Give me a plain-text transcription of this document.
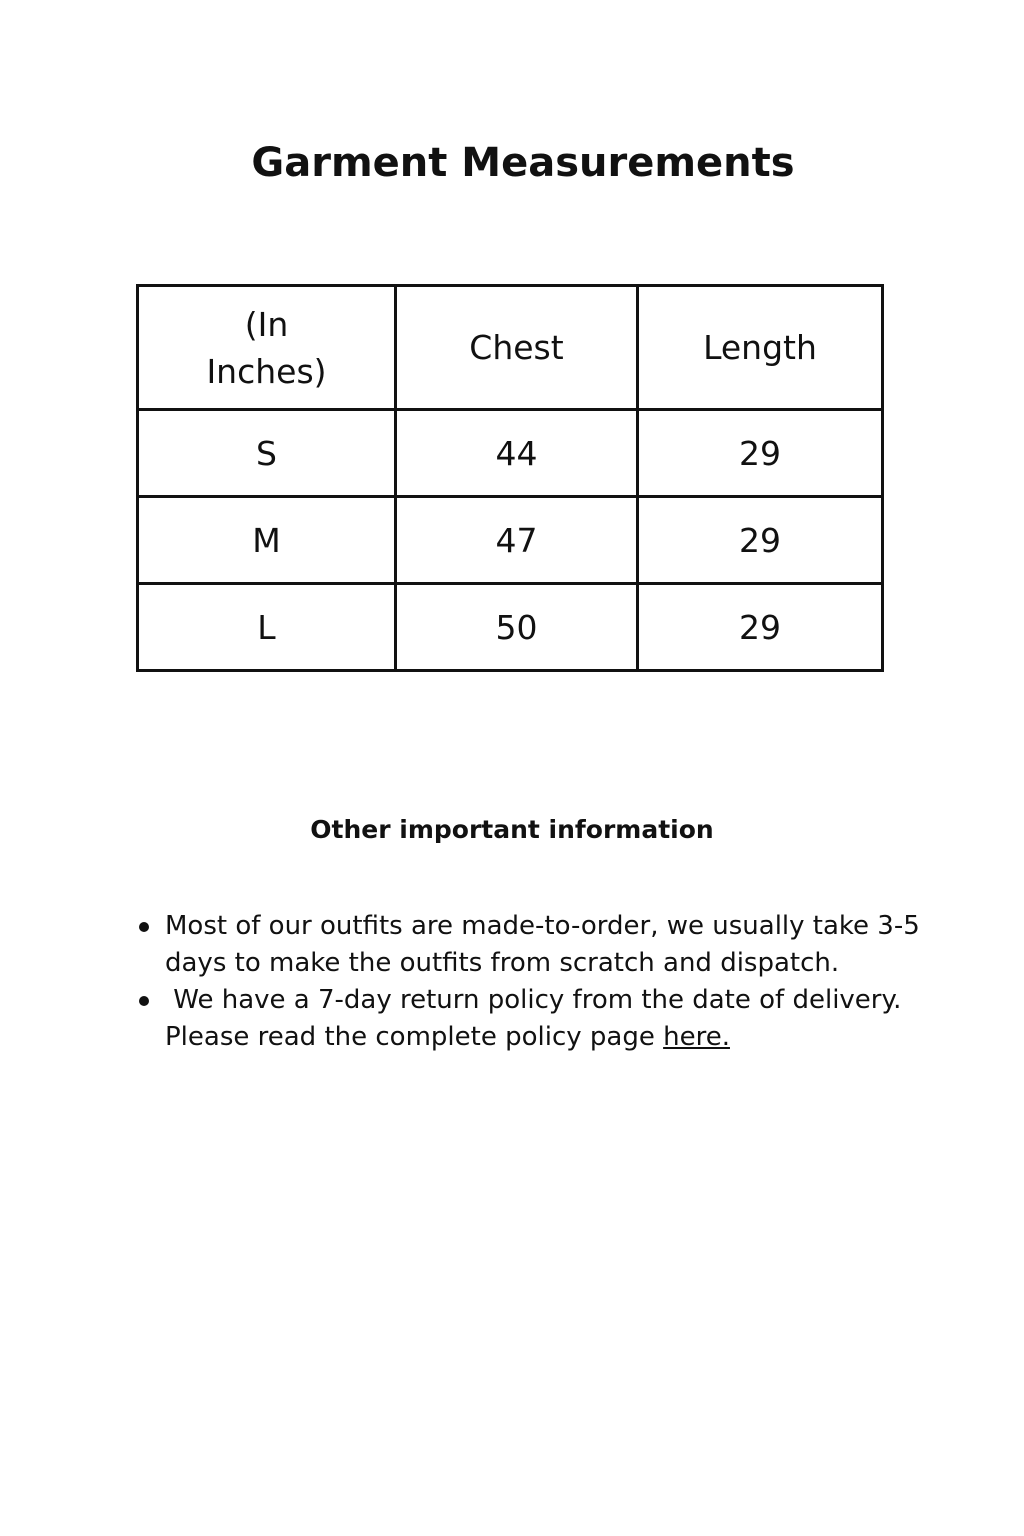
Garment Measurements
(In
Inches)	Chest	Length
S	44	29
M	47	29
L	50	29
Other important information
Most of our outfits are made-to-order, we usually take 3-5 days to make the outfits from scratch and dispatch.
We have a 7-day return policy from the date of delivery. Please read the complete policy page here.
